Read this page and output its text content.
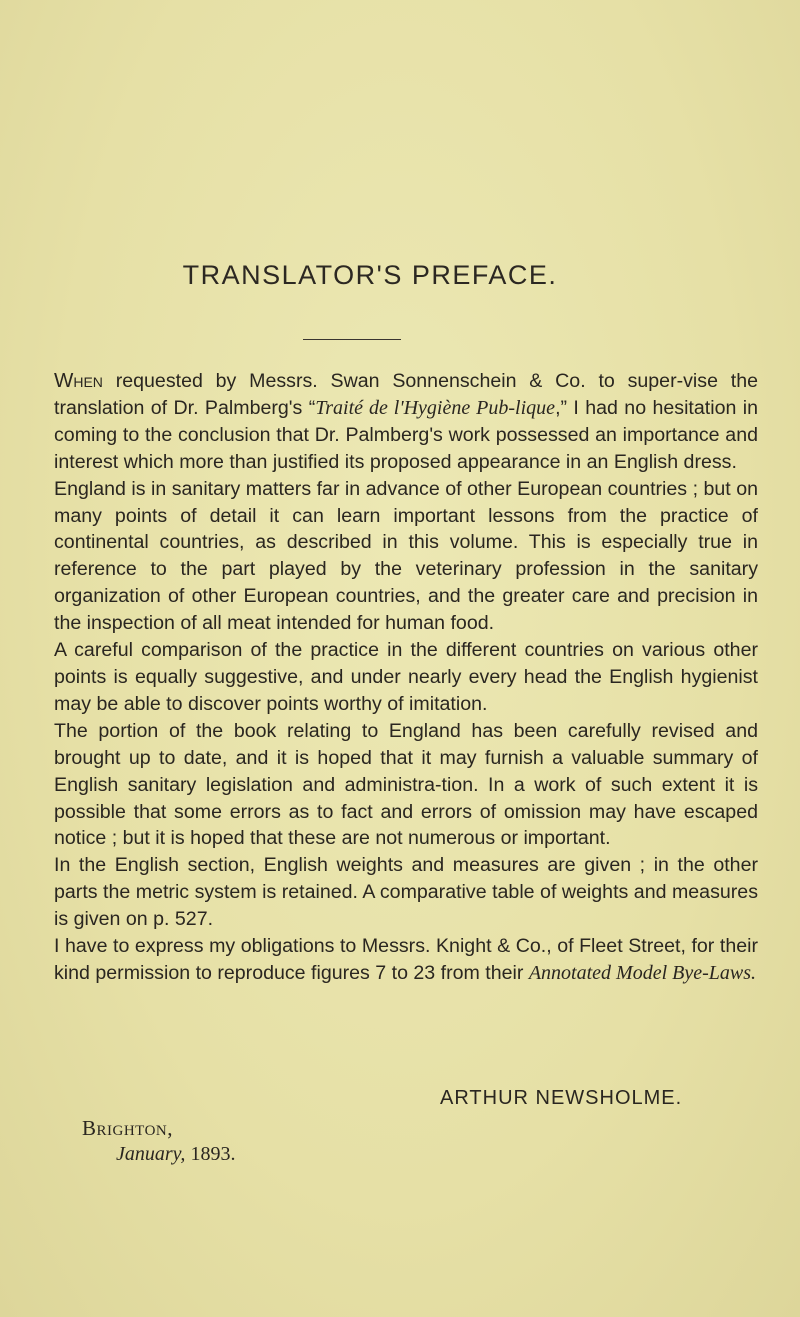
TRANSLATOR'S PREFACE.

When requested by Messrs. Swan Sonnenschein & Co. to super-vise the translation of Dr. Palmberg's “Traité de l'Hygiène Pub-lique,” I had no hesitation in coming to the conclusion that Dr. Palmberg's work possessed an importance and interest which more than justified its proposed appearance in an English dress.

England is in sanitary matters far in advance of other European countries ; but on many points of detail it can learn important lessons from the practice of continental countries, as described in this volume. This is especially true in reference to the part played by the veterinary profession in the sanitary organization of other European countries, and the greater care and precision in the inspection of all meat intended for human food.

A careful comparison of the practice in the different countries on various other points is equally suggestive, and under nearly every head the English hygienist may be able to discover points worthy of imitation.

The portion of the book relating to England has been carefully revised and brought up to date, and it is hoped that it may furnish a valuable summary of English sanitary legislation and administra-tion. In a work of such extent it is possible that some errors as to fact and errors of omission may have escaped notice ; but it is hoped that these are not numerous or important.

In the English section, English weights and measures are given ; in the other parts the metric system is retained. A comparative table of weights and measures is given on p. 527.

I have to express my obligations to Messrs. Knight & Co., of Fleet Street, for their kind permission to reproduce figures 7 to 23 from their Annotated Model Bye-Laws.

ARTHUR NEWSHOLME.
Brighton,
January, 1893.
